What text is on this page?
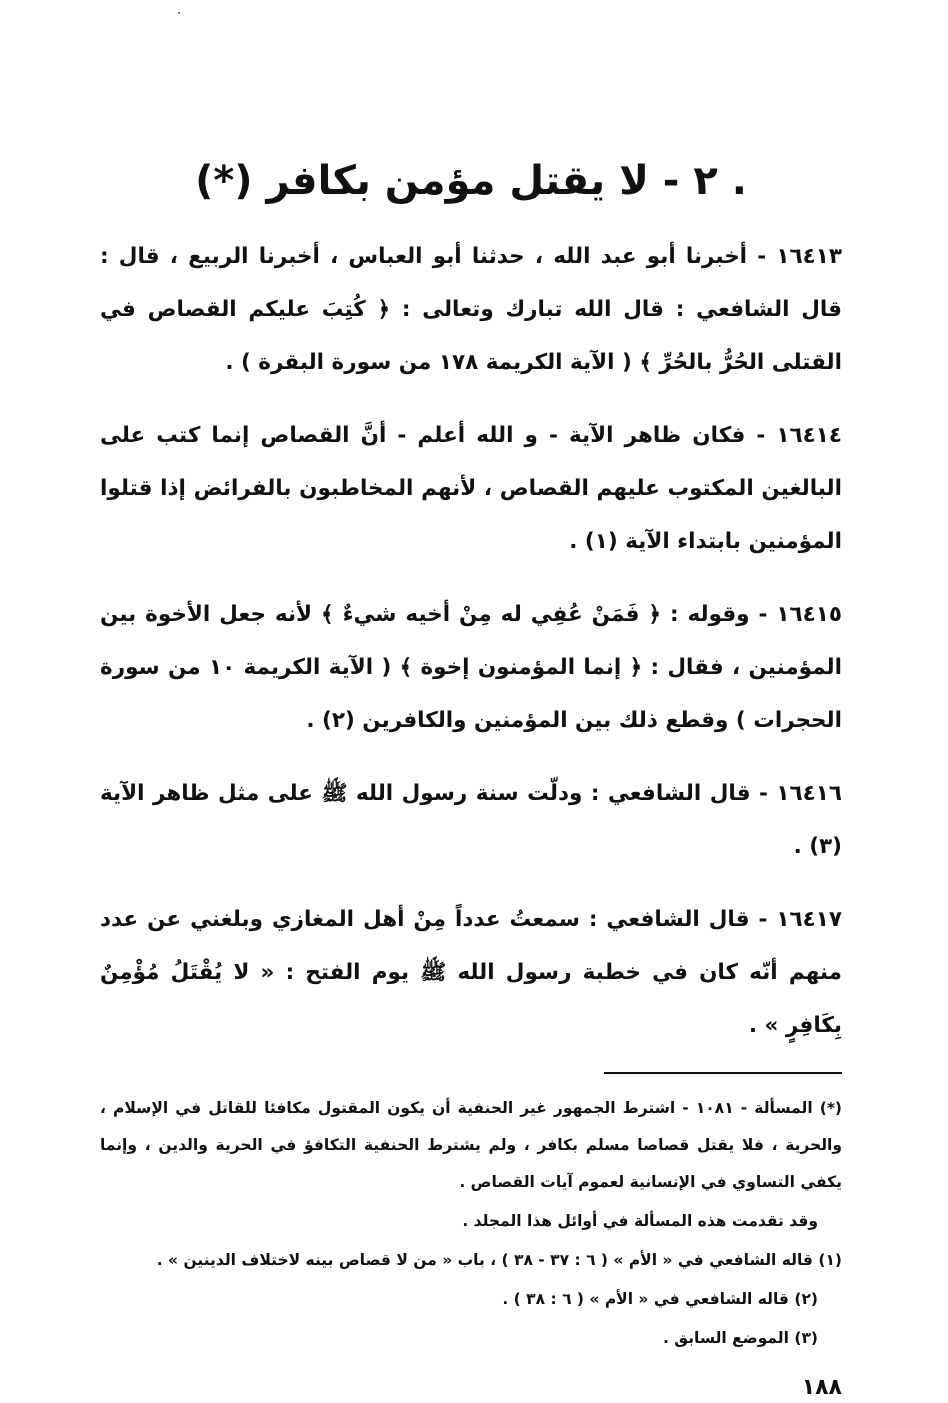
. ٢ - لا يقتل مؤمن بكافر (*)

١٦٤١٣ - أخبرنا أبو عبد الله ، حدثنا أبو العباس ، أخبرنا الربيع ، قال : قال الشافعي : قال الله تبارك وتعالى : ﴿ كُتِبَ عليكم القصاص في القتلى الحُرُّ بالحُرِّ ﴾ ( الآية الكريمة ١٧٨ من سورة البقرة ) .

١٦٤١٤ - فكان ظاهر الآية - و الله أعلم - أنَّ القصاص إنما كتب على البالغين المكتوب عليهم القصاص ، لأنهم المخاطبون بالفرائض إذا قتلوا المؤمنين بابتداء الآية (١) .

١٦٤١٥ - وقوله : ﴿ فَمَنْ عُفِي له مِنْ أخيه شيءٌ ﴾ لأنه جعل الأخوة بين المؤمنين ، فقال : ﴿ إنما المؤمنون إخوة ﴾ ( الآية الكريمة ١٠ من سورة الحجرات ) وقطع ذلك بين المؤمنين والكافرين (٢) .

١٦٤١٦ - قال الشافعي : ودلّت سنة رسول الله ﷺ على مثل ظاهر الآية (٣) .

١٦٤١٧ - قال الشافعي : سمعتُ عدداً مِنْ أهل المغازي وبلغني عن عدد منهم أنّه كان في خطبة رسول الله ﷺ يوم الفتح : « لا يُقْتَلُ مُؤْمِنٌ بِكَافِرٍ » .

(*) المسألة - ١٠٨١ - اشترط الجمهور غير الحنفية أن يكون المقتول مكافئا للقاتل في الإسلام ، والحرية ، فلا يقتل قصاصا مسلم بكافر ، ولم يشترط الحنفية التكافؤ في الحرية والدين ، وإنما يكفي التساوي في الإنسانية لعموم آيات القصاص .

وقد تقدمت هذه المسألة في أوائل هذا المجلد .

(١) قاله الشافعي في « الأم » ( ٦ : ٣٧ - ٣٨ ) ، باب « من لا قصاص بينه لاختلاف الدينين » .

(٢) قاله الشافعي في « الأم » ( ٦ : ٣٨ ) .

(٣) الموضع السابق .

١٨٨
